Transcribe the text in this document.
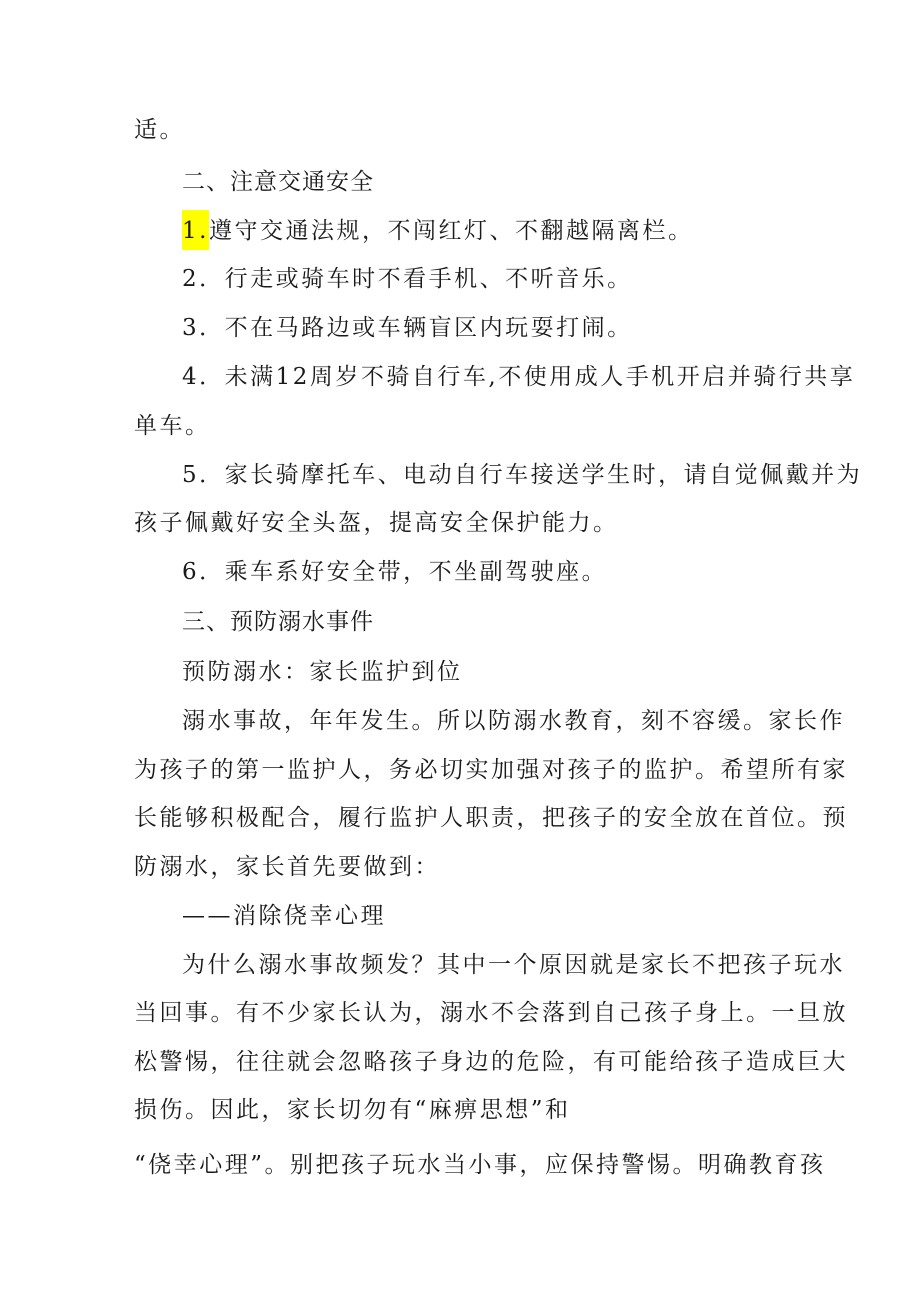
适。
二、注意交通安全
1.遵守交通法规，不闯红灯、不翻越隔离栏。
2．行走或骑车时不看手机、不听音乐。
3．不在马路边或车辆盲区内玩耍打闹。
4．未满12周岁不骑自行车,不使用成人手机开启并骑行共享
单车。
5．家长骑摩托车、电动自行车接送学生时，请自觉佩戴并为
孩子佩戴好安全头盔，提高安全保护能力。
6．乘车系好安全带，不坐副驾驶座。
三、预防溺水事件
预防溺水：家长监护到位
溺水事故，年年发生。所以防溺水教育，刻不容缓。家长作
为孩子的第一监护人，务必切实加强对孩子的监护。希望所有家
长能够积极配合，履行监护人职责，把孩子的安全放在首位。预
防溺水，家长首先要做到：
——消除侥幸心理
为什么溺水事故频发？其中一个原因就是家长不把孩子玩水
当回事。有不少家长认为，溺水不会落到自己孩子身上。一旦放
松警惕，往往就会忽略孩子身边的危险，有可能给孩子造成巨大
损伤。因此，家长切勿有“麻痹思想”和
“侥幸心理”。别把孩子玩水当小事，应保持警惕。明确教育孩
